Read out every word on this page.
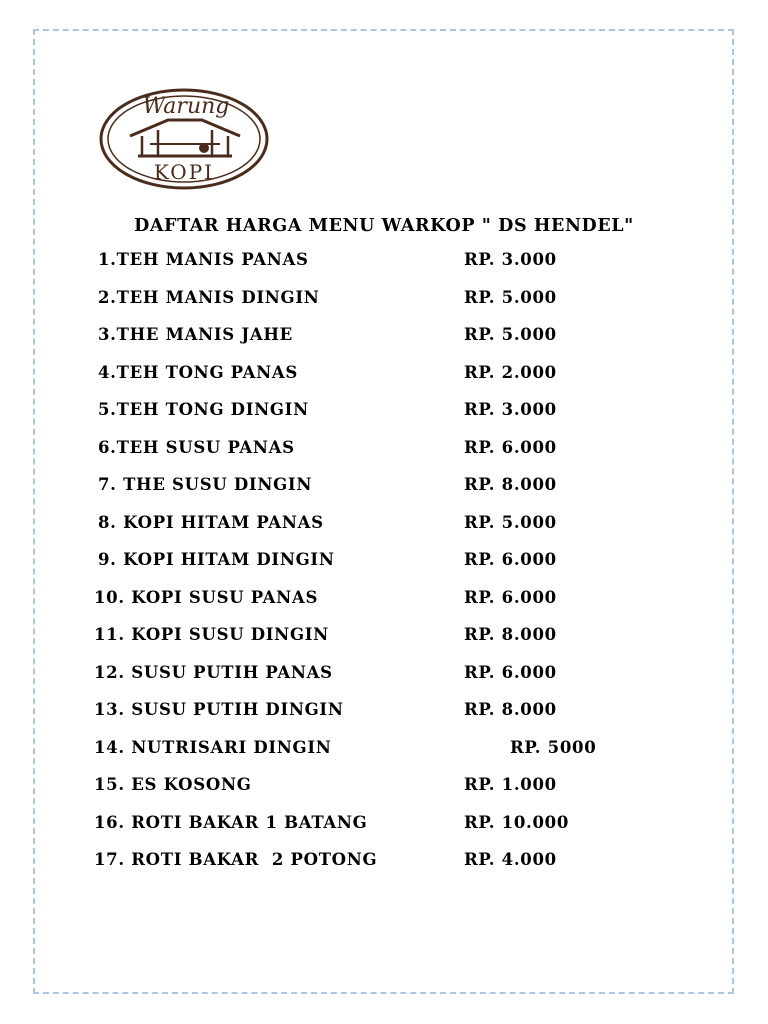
Warung
KOPI
DAFTAR HARGA MENU WARKOP " DS HENDEL"
1.TEH MANIS PANAS	RP. 3.000
2.TEH MANIS DINGIN	RP. 5.000
3.THE MANIS JAHE	RP. 5.000
4.TEH TONG PANAS	RP. 2.000
5.TEH TONG DINGIN	RP. 3.000
6.TEH SUSU PANAS	RP. 6.000
7. THE SUSU DINGIN	RP. 8.000
8. KOPI HITAM PANAS	RP. 5.000
9. KOPI HITAM DINGIN	RP. 6.000
10. KOPI SUSU PANAS	RP. 6.000
11. KOPI SUSU DINGIN	RP. 8.000
12. SUSU PUTIH PANAS	RP. 6.000
13. SUSU PUTIH DINGIN	RP. 8.000
14. NUTRISARI DINGIN	RP. 5000
15. ES KOSONG	RP. 1.000
16. ROTI BAKAR 1 BATANG	RP. 10.000
17. ROTI BAKAR  2 POTONG	RP. 4.000
